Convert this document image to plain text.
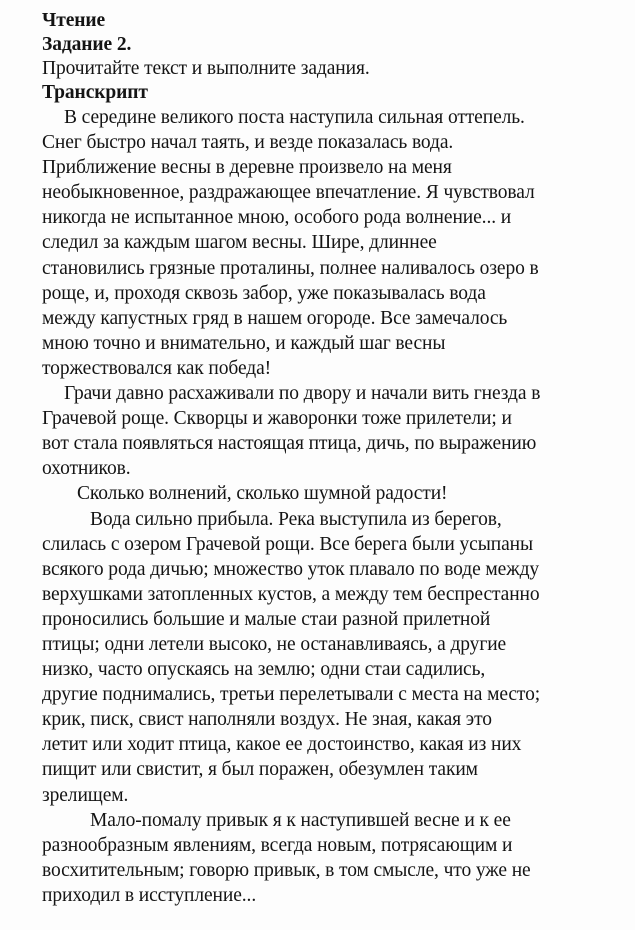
Чтение
Задание 2.
Прочитайте текст и выполните задания.
Транскрипт
В середине великого поста наступила сильная оттепель.
Снег быстро начал таять, и везде показалась вода.
Приближение весны в деревне произвело на меня
необыкновенное, раздражающее впечатление. Я чувствовал
никогда не испытанное мною, особого рода волнение... и
следил за каждым шагом весны. Шире, длиннее
становились грязные проталины, полнее наливалось озеро в
роще, и, проходя сквозь забор, уже показывалась вода
между капустных гряд в нашем огороде. Все замечалось
мною точно и внимательно, и каждый шаг весны
торжествовался как победа!
Грачи давно расхаживали по двору и начали вить гнезда в
Грачевой роще. Скворцы и жаворонки тоже прилетели; и
вот стала появляться настоящая птица, дичь, по выражению
охотников.
Сколько волнений, сколько шумной радости!
Вода сильно прибыла. Река выступила из берегов,
слилась с озером Грачевой рощи. Все берега были усыпаны
всякого рода дичью; множество уток плавало по воде между
верхушками затопленных кустов, а между тем беспрестанно
проносились большие и малые стаи разной прилетной
птицы; одни летели высоко, не останавливаясь, а другие
низко, часто опускаясь на землю; одни стаи садились,
другие поднимались, третьи перелетывали с места на место;
крик, писк, свист наполняли воздух. Не зная, какая это
летит или ходит птица, какое ее достоинство, какая из них
пищит или свистит, я был поражен, обезумлен таким
зрелищем.
Мало-помалу привык я к наступившей весне и к ее
разнообразным явлениям, всегда новым, потрясающим и
восхитительным; говорю привык, в том смысле, что уже не
приходил в исступление...
